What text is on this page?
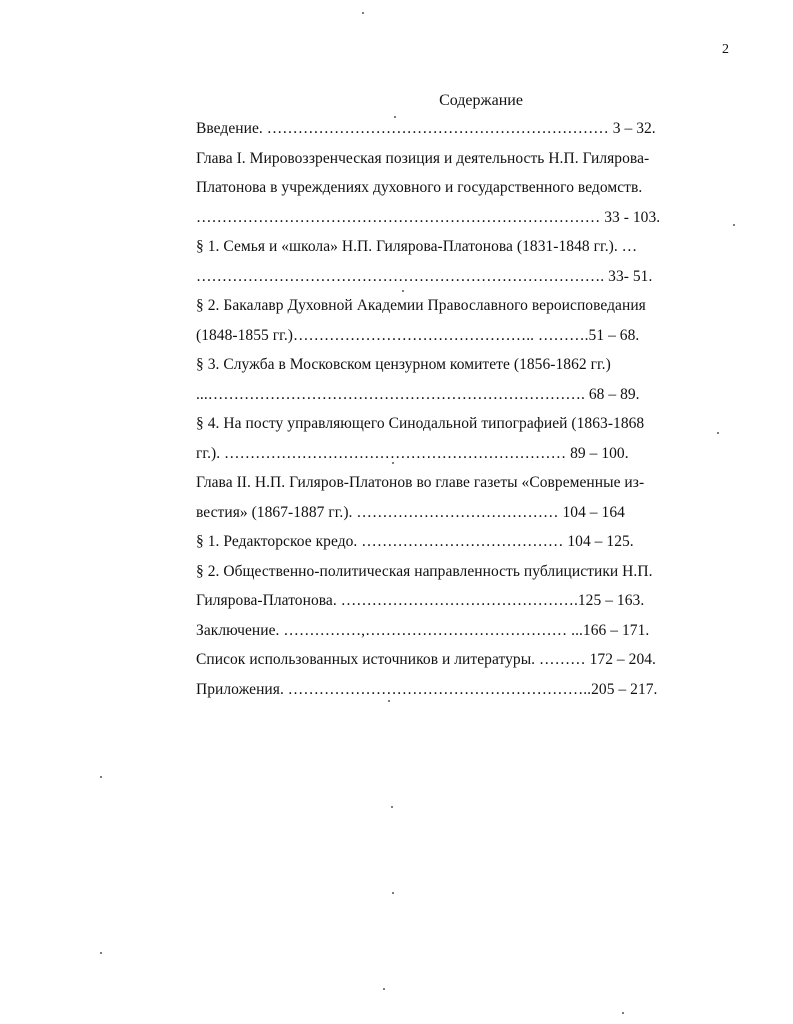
2
Содержание
Введение. ………………………………………………………… 3 – 32.
Глава I. Мировоззренческая позиция и деятельность Н.П. Гилярова-
Платонова в учреждениях духовного и государственного ведомств.
…………………………………………………………………… 33 - 103.
§ 1. Семья и «школа» Н.П. Гилярова-Платонова (1831-1848 гг.). …
……………………………………………………………………. 33- 51.
§ 2. Бакалавр Духовной Академии Православного вероисповедания
(1848-1855 гг.)……………………………………….. ……….51 – 68.
§ 3. Служба в Московском цензурном комитете (1856-1862 гг.)
...………………………………………………………………. 68 – 89.
§ 4. На посту управляющего Синодальной типографией (1863-1868
гг.). ………………………………………………………… 89 – 100.
Глава II. Н.П. Гиляров-Платонов во главе газеты «Современные из-
вестия» (1867-1887 гг.). ………………………………… 104 – 164
§ 1. Редакторское кредо. ………………………………… 104 – 125.
§ 2. Общественно-политическая направленность публицистики Н.П.
Гилярова-Платонова. ……………………………………….125 – 163.
Заключение. ……………,………………………………… ...166 – 171.
Список использованных источников и литературы. ……… 172 – 204.
Приложения. …………………………………………………..205 – 217.
